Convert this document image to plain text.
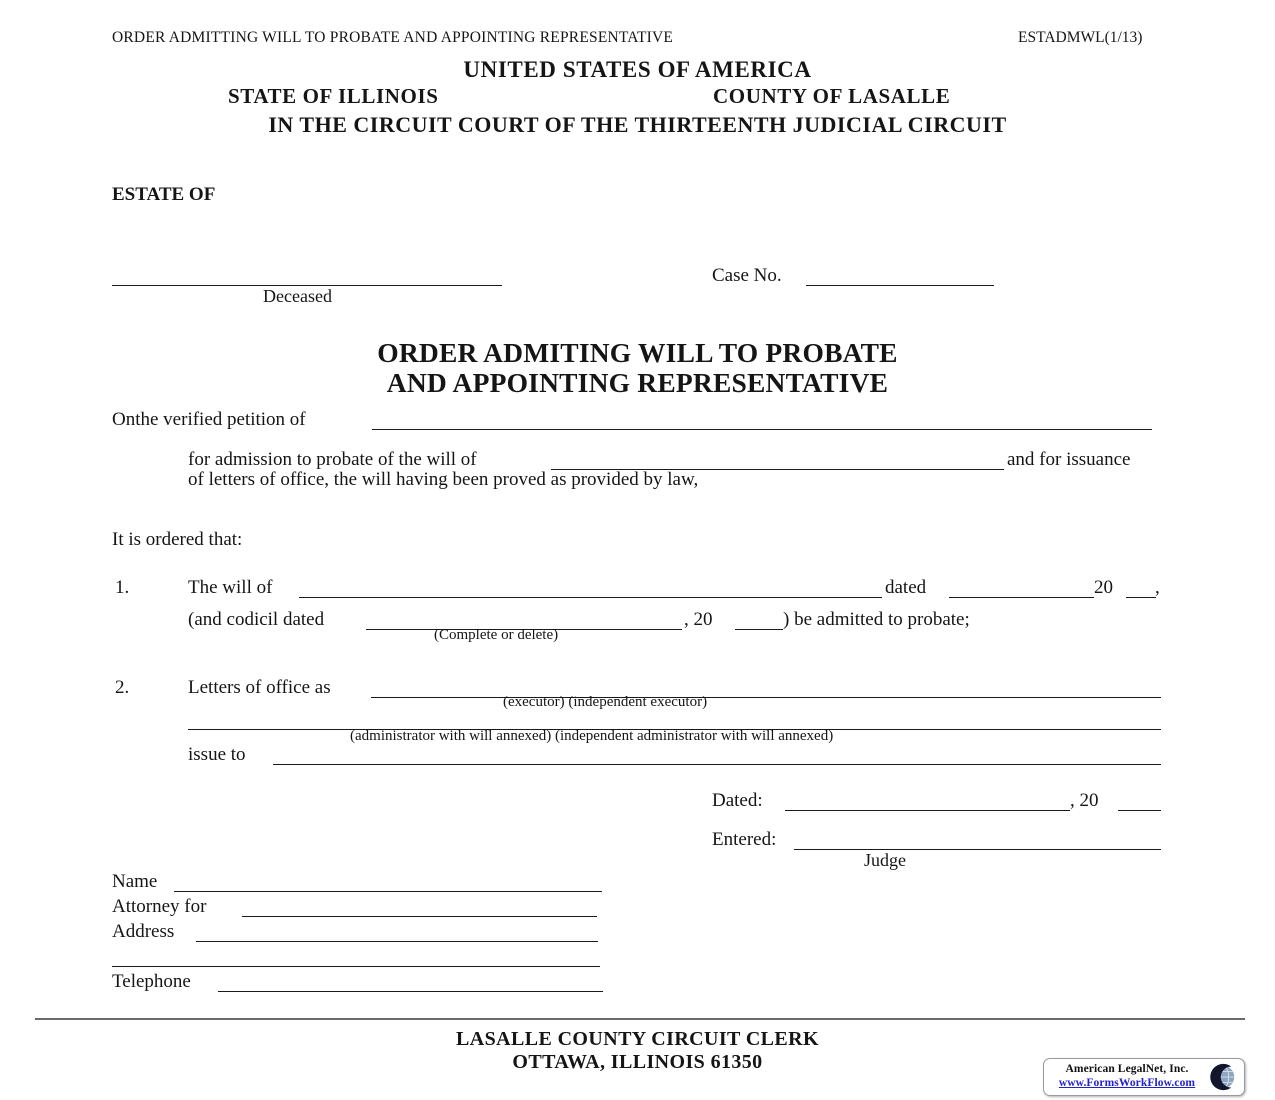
ORDER ADMITTING WILL TO PROBATE AND APPOINTING REPRESENTATIVE	ESTADMWL(1/13)
UNITED STATES OF AMERICA
STATE OF ILLINOIS	COUNTY OF LASALLE
IN THE CIRCUIT COURT OF THE THIRTEENTH JUDICIAL CIRCUIT
ESTATE OF
Deceased
Case No.
ORDER ADMITING WILL TO PROBATE
AND APPOINTING REPRESENTATIVE
Onthe verified petition of
for admission to probate of the will of	and for issuance
of letters of office, the will having been proved as provided by law,
It is ordered that:
1.	The will of	dated	20 ,
(and codicil dated
(Complete or delete)
, 20	) be admitted to probate;
2.	Letters of office as
(executor) (independent executor)
(administrator with will annexed) (independent administrator with will annexed)
issue to
Dated:	, 20
Entered:
Judge
Name
Attorney for
Address
Telephone
LASALLE COUNTY CIRCUIT CLERK
OTTAWA, ILLINOIS 61350	American LegalNet, Inc.
www.FormsWorkFlow.com
